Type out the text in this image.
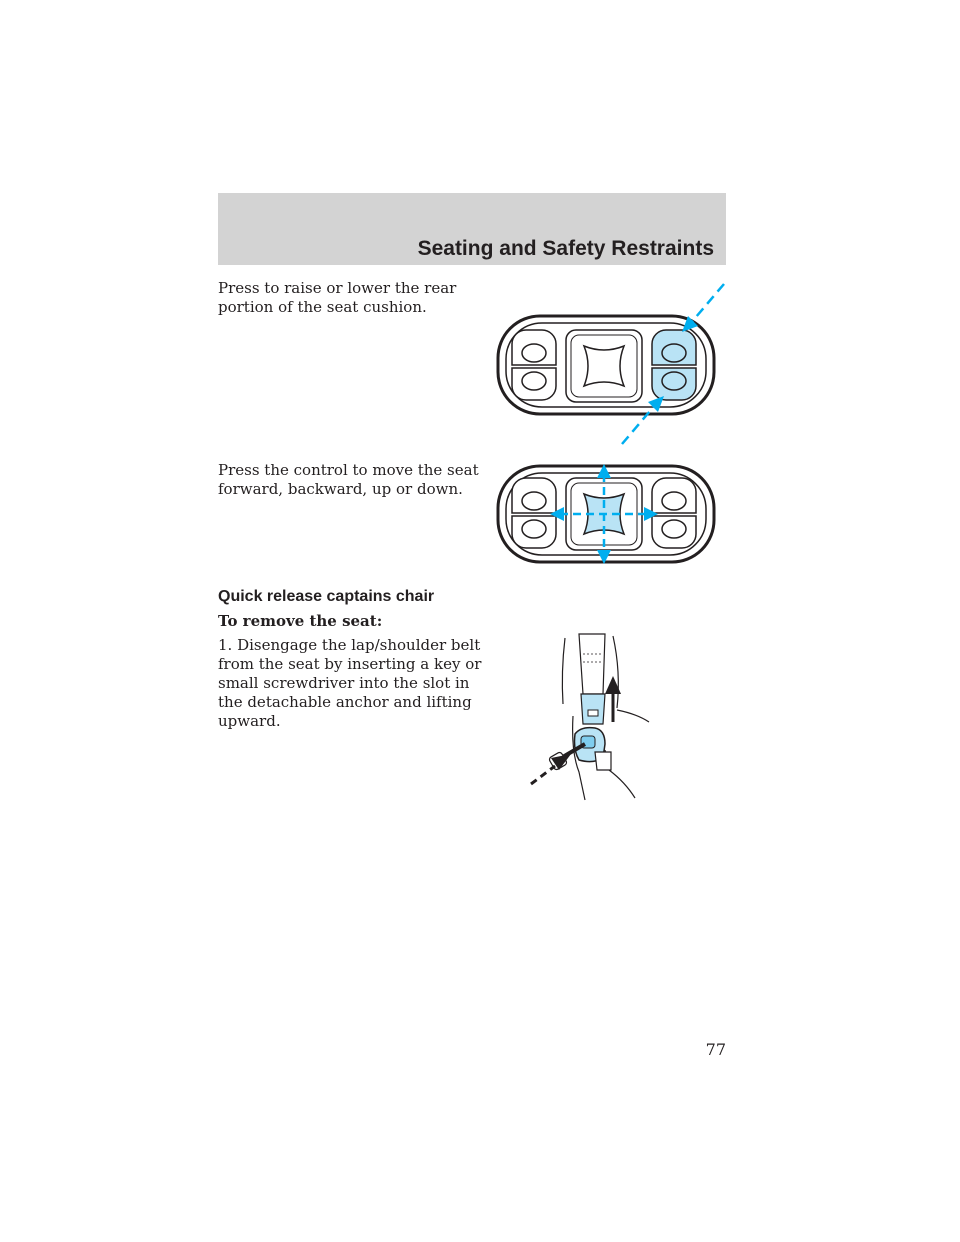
Seating and Safety Restraints

Press to raise or lower the rear portion of the seat cushion.

Press the control to move the seat forward, backward, up or down.

Quick release captains chair

To remove the seat:

1. Disengage the lap/shoulder belt from the seat by inserting a key or small screwdriver into the slot in the detachable anchor and lifting upward.

77
